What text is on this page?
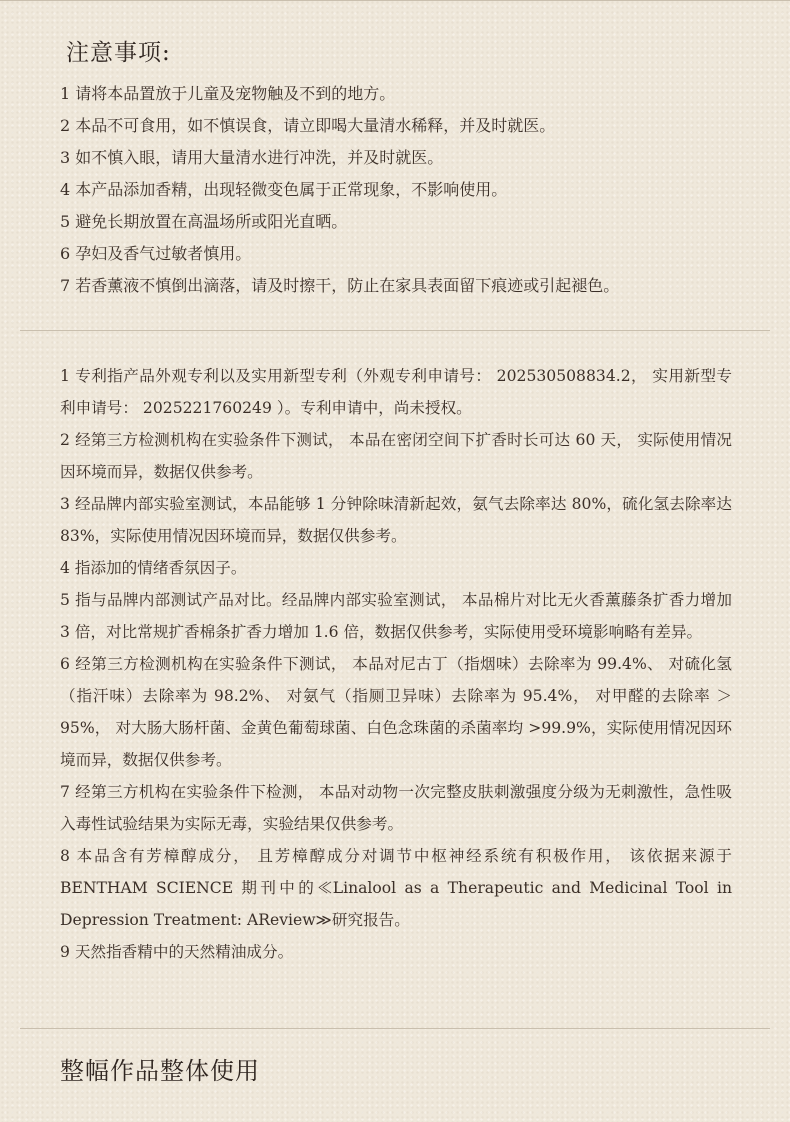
注意事项:
1 请将本品置放于儿童及宠物触及不到的地方。
2 本品不可食用，如不慎误食，请立即喝大量清水稀释，并及时就医。
3 如不慎入眼，请用大量清水进行冲洗，并及时就医。
4 本产品添加香精，出现轻微变色属于正常现象，不影响使用。
5 避免长期放置在高温场所或阳光直晒。
6 孕妇及香气过敏者慎用。
7 若香薰液不慎倒出滴落，请及时擦干，防止在家具表面留下痕迹或引起褪色。
1 专利指产品外观专利以及实用新型专利（外观专利申请号： 202530508834.2， 实用新型专利申请号： 2025221760249 ）。专利申请中，尚未授权。
2 经第三方检测机构在实验条件下测试， 本品在密闭空间下扩香时长可达 60 天， 实际使用情况因环境而异，数据仅供参考。
3 经品牌内部实验室测试，本品能够 1 分钟除味清新起效，氨气去除率达 80%，硫化氢去除率达 83%，实际使用情况因环境而异，数据仅供参考。
4 指添加的情绪香氛因子。
5 指与品牌内部测试产品对比。经品牌内部实验室测试， 本品棉片对比无火香薰藤条扩香力增加 3 倍，对比常规扩香棉条扩香力增加 1.6 倍，数据仅供参考，实际使用受环境影响略有差异。
6 经第三方检测机构在实验条件下测试， 本品对尼古丁（指烟味）去除率为 99.4%、 对硫化氢（指汗味）去除率为 98.2%、 对氨气（指厕卫异味）去除率为 95.4%， 对甲醛的去除率 ＞95%， 对大肠大肠杆菌、金黄色葡萄球菌、白色念珠菌的杀菌率均 >99.9%，实际使用情况因环境而异，数据仅供参考。
7 经第三方机构在实验条件下检测， 本品对动物一次完整皮肤刺激强度分级为无刺激性，急性吸入毒性试验结果为实际无毒，实验结果仅供参考。
8 本品含有芳樟醇成分， 且芳樟醇成分对调节中枢神经系统有积极作用， 该依据来源于 BENTHAM SCIENCE 期刊中的≪Linalool as a Therapeutic and Medicinal Tool in Depression Treatment: AReview≫研究报告。
9 天然指香精中的天然精油成分。
整幅作品整体使用
